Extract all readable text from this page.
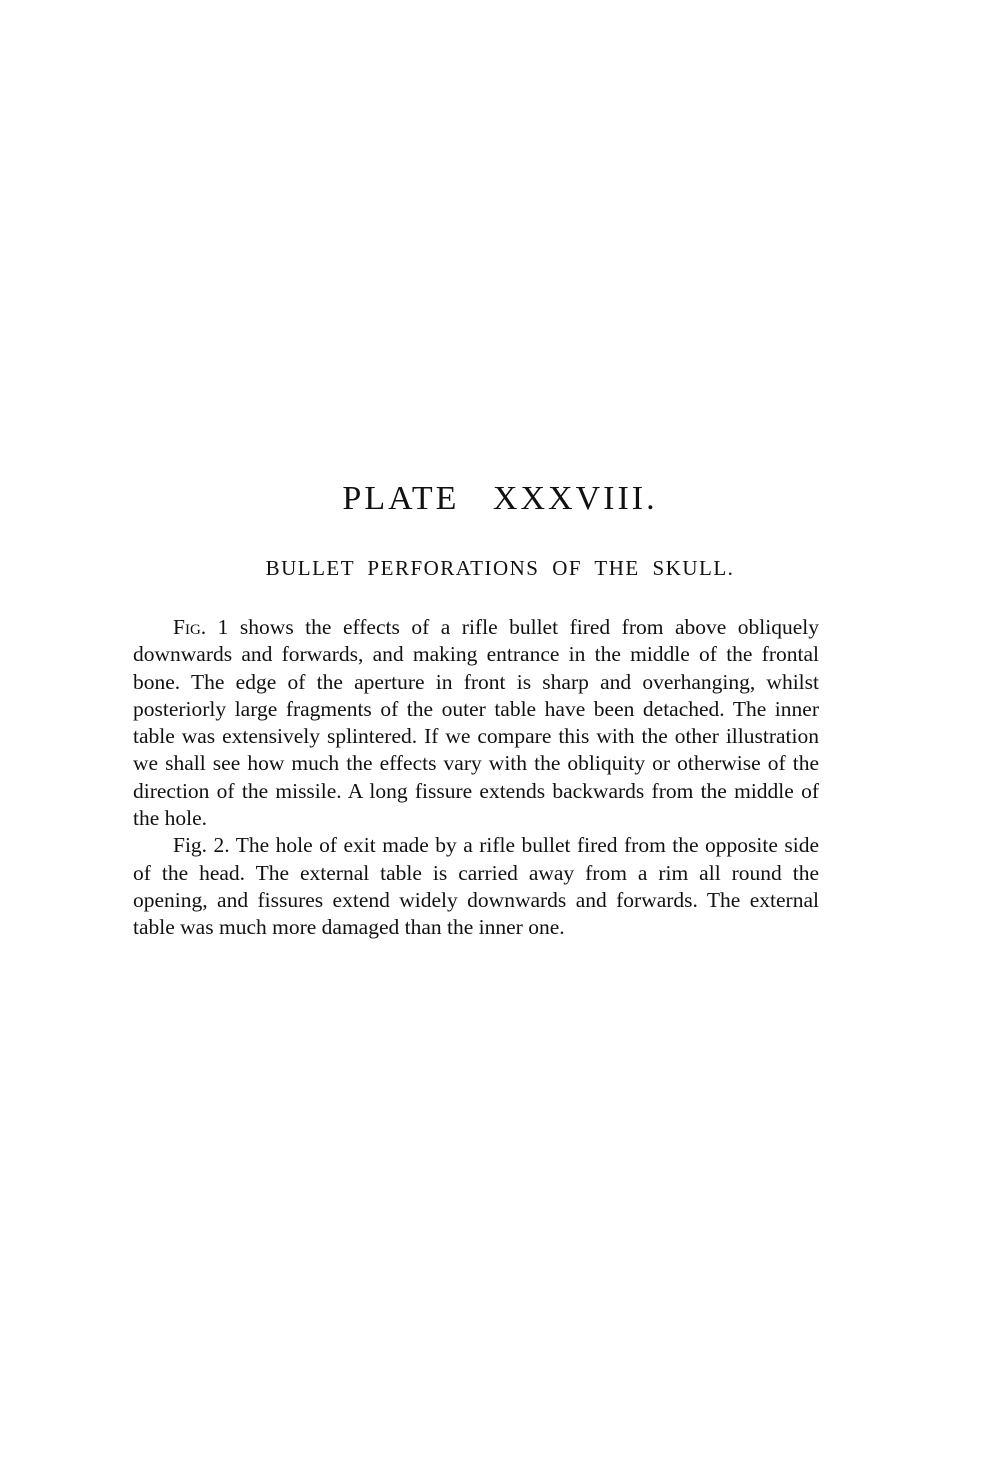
PLATE XXXVIII.
BULLET PERFORATIONS OF THE SKULL.

Fig. 1 shows the effects of a rifle bullet fired from above obliquely downwards and forwards, and making entrance in the middle of the frontal bone. The edge of the aperture in front is sharp and overhanging, whilst posteriorly large fragments of the outer table have been detached. The inner table was extensively splintered. If we compare this with the other illustration we shall see how much the effects vary with the obliquity or otherwise of the direction of the missile. A long fissure extends backwards from the middle of the hole.

Fig. 2. The hole of exit made by a rifle bullet fired from the opposite side of the head. The external table is carried away from a rim all round the opening, and fissures extend widely downwards and forwards. The external table was much more damaged than the inner one.
